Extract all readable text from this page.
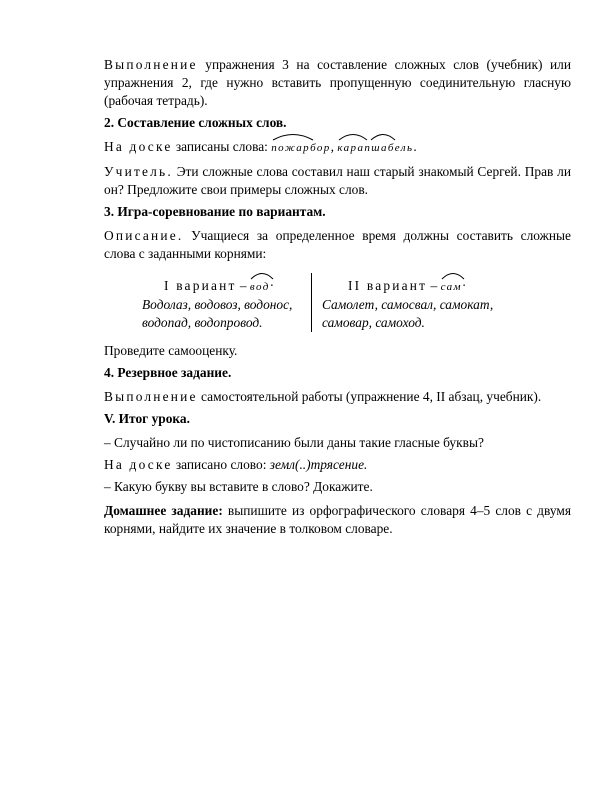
Выполнение упражнения 3 на составление сложных слов (учебник) или упражнения 2, где нужно вставить пропущенную соединительную гласную (рабочая тетрадь).

2. Составление сложных слов.

На доске записаны слова:
пожарбор,
карапшабель.

Учитель. Эти сложные слова составил наш старый знакомый Сергей. Прав ли он? Предложите свои примеры сложных слов.

3. Игра-соревнование по вариантам.

Описание. Учащиеся за определенное время должны составить сложные слова с заданными корнями:

I вариант –
вод·
Водолаз, водовоз, водонос, водопад, водопровод.
II вариант –
сам·
Самолет, самосвал, самокат, самовар, самоход.

Проведите самооценку.

4. Резервное задание.

Выполнение самостоятельной работы (упражнение 4, II абзац, учебник).

V. Итог урока.

– Случайно ли по чистописанию были даны такие гласные буквы?

На доске записано слово: земл(..)трясение.

– Какую букву вы вставите в слово? Докажите.

Домашнее задание: выпишите из орфографического словаря 4–5 слов с двумя корнями, найдите их значение в толковом словаре.
